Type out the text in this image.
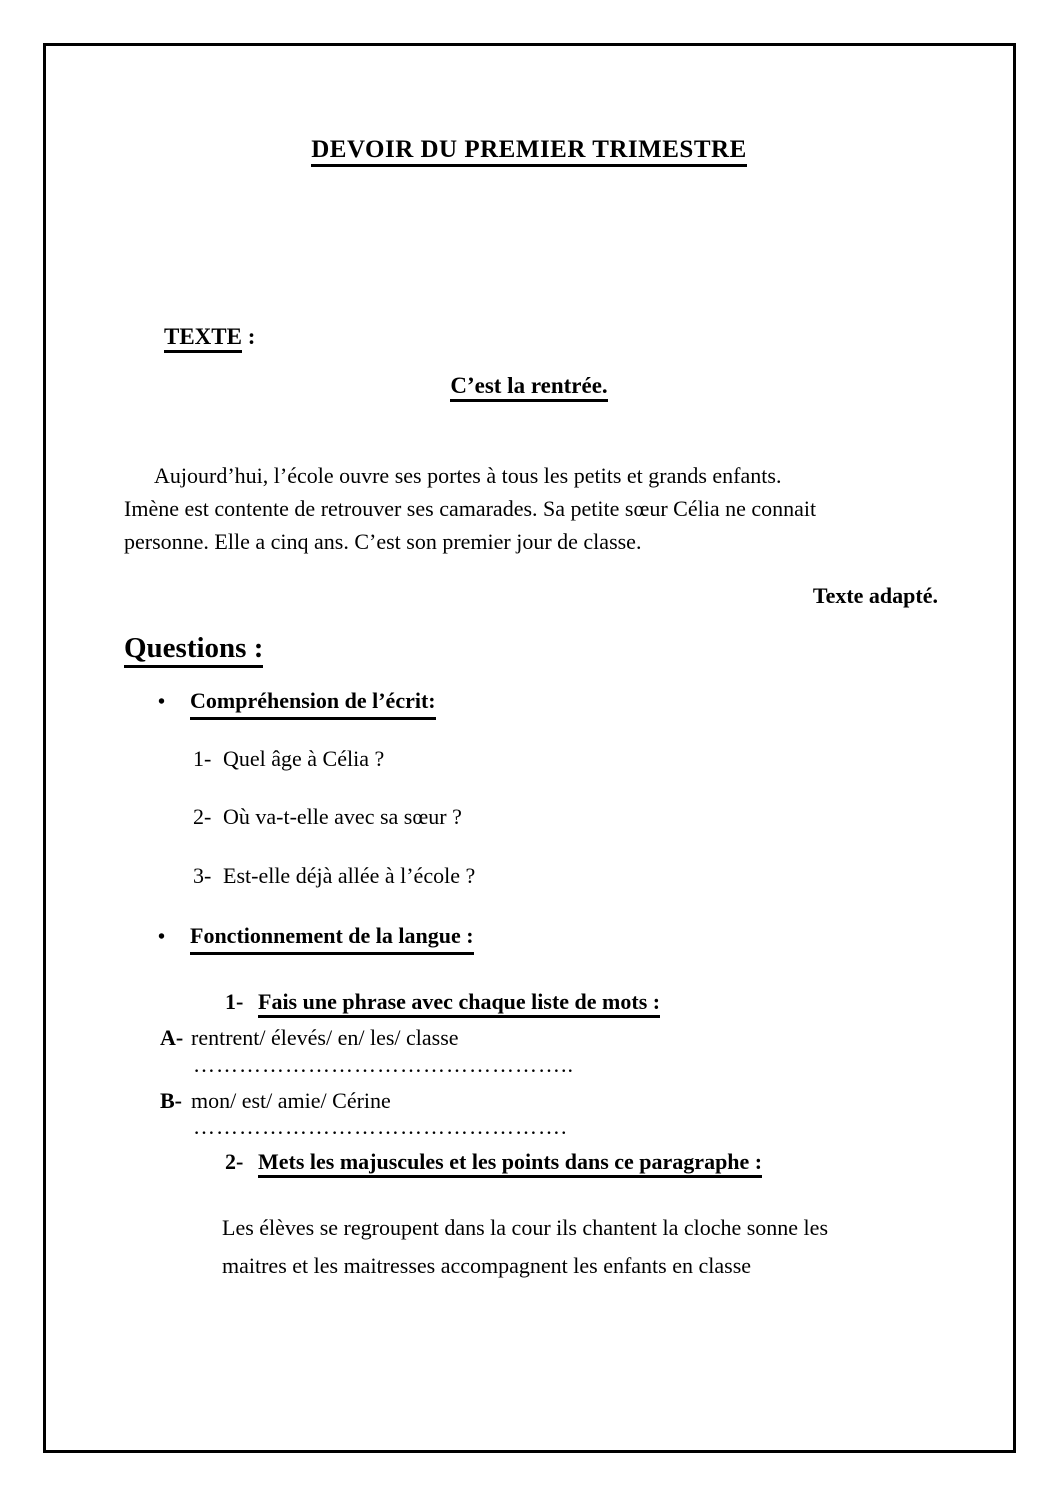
DEVOIR DU PREMIER TRIMESTRE
TEXTE :
C’est la rentrée.
Aujourd’hui, l’école ouvre ses portes à tous les petits et grands enfants.
Imène est contente de retrouver ses camarades. Sa petite sœur Célia ne connait
personne. Elle a cinq ans. C’est son premier jour de classe.
Texte adapté.
Questions :
•	Compréhension de l’écrit:
1- Quel âge à Célia ?
2- Où va-t-elle avec sa sœur ?
3- Est-elle déjà allée à l’école ?
•	Fonctionnement de la langue :
1- Fais une phrase avec chaque liste de mots :
A- rentrent/ élevés/ en/ les/ classe
…………………………………………..
B- mon/ est/ amie/ Cérine
………………………………………….
2- Mets les majuscules et les points dans ce paragraphe :
Les élèves se regroupent dans la cour ils chantent la cloche sonne les
maitres et les maitresses accompagnent les enfants en classe
